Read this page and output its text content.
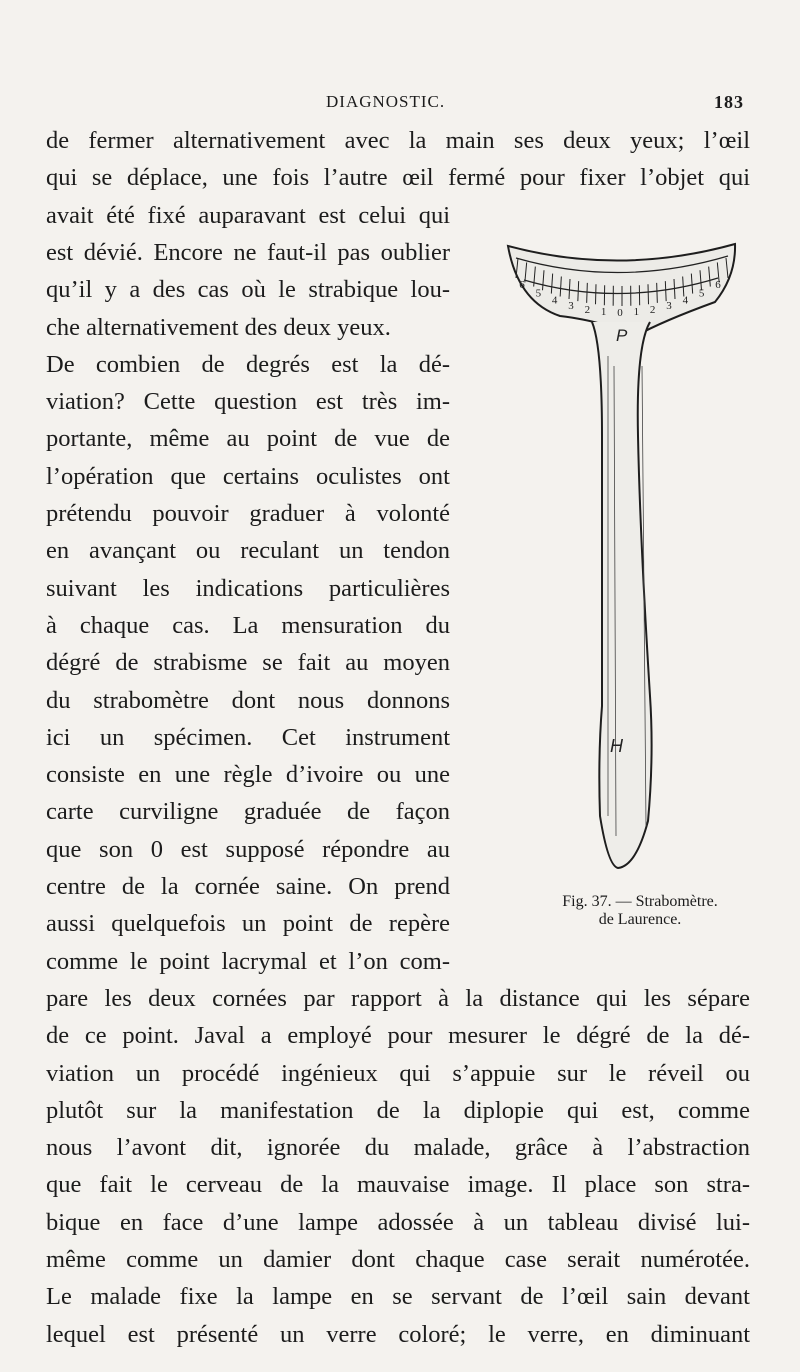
DIAGNOSTIC.	183
de fermer alternativement avec la main ses deux yeux; l’œil
qui se déplace, une fois l’autre œil fermé pour fixer l’objet qui
avait été fixé auparavant est celui qui
est dévié. Encore ne faut-il pas oublier
qu’il y a des cas où le strabique lou-
che alternativement des deux yeux.
De combien de degrés est la dé-
viation? Cette question est très im-
portante, même au point de vue de
l’opération que certains oculistes ont
prétendu pouvoir graduer à volonté
en avançant ou reculant un tendon
suivant les indications particulières
à chaque cas. La mensuration du
dégré de strabisme se fait au moyen
du strabomètre dont nous donnons
ici un spécimen. Cet instrument
consiste en une règle d’ivoire ou une
carte curviligne graduée de façon
que son 0 est supposé répondre au
centre de la cornée saine. On prend
aussi quelquefois un point de repère
comme le point lacrymal et l’on com-
pare les deux cornées par rapport à la distance qui les sépare
de ce point. Javal a employé pour mesurer le dégré de la dé-
viation un procédé ingénieux qui s’appuie sur le réveil ou
plutôt sur la manifestation de la diplopie qui est, comme
nous l’avont dit, ignorée du malade, grâce à l’abstraction
que fait le cerveau de la mauvaise image. Il place son stra-
bique en face d’une lampe adossée à un tableau divisé lui-
même comme un damier dont chaque case serait numérotée.
Le malade fixe la lampe en se servant de l’œil sain devant
lequel est présenté un verre coloré; le verre, en diminuant
6
5
4 3 2 1 0 1 2 3 4
5
6
P
H
Fig. 37. — Strabomètre.
de Laurence.
